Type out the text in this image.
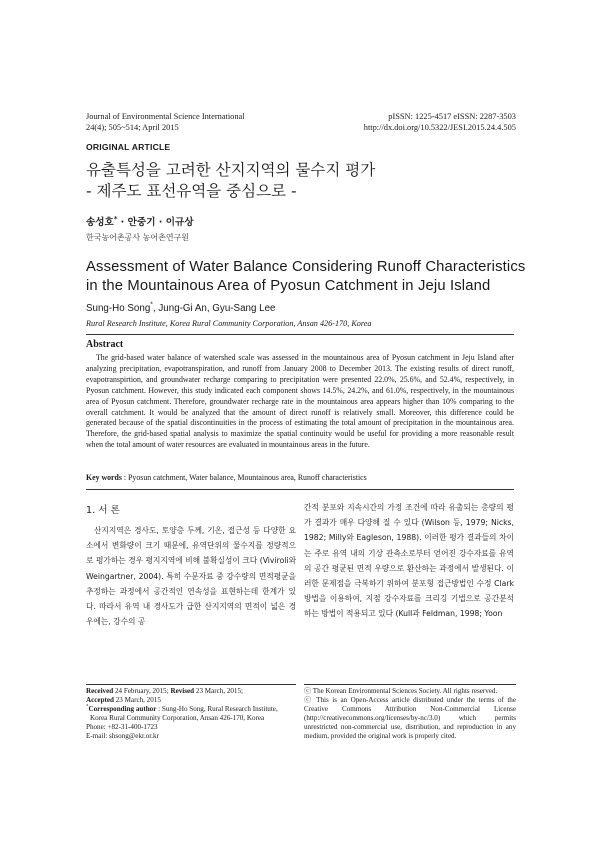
Journal of Environmental Science International
24(4); 505~514; April 2015
pISSN: 1225-4517 eISSN: 2287-3503
http://dx.doi.org/10.5322/JESI.2015.24.4.505
ORIGINAL ARTICLE
유출특성을 고려한 산지지역의 물수지 평가
- 제주도 표선유역을 중심으로 -
송성호* · 안중기 · 이규상
한국농어촌공사 농어촌연구원
Assessment of Water Balance Considering Runoff Characteristics
in the Mountainous Area of Pyosun Catchment in Jeju Island
Sung-Ho Song*, Jung-Gi An, Gyu-Sang Lee
Rural Research Institute, Korea Rural Community Corporation, Ansan 426-170, Korea
Abstract
The grid-based water balance of watershed scale was assessed in the mountainous area of Pyosun catchment in Jeju Island after analyzing precipitation, evapotranspiration, and runoff from January 2008 to December 2013. The existing results of direct runoff, evapotranspirtion, and groundwater recharge comparing to precipitation were presented 22.0%, 25.6%, and 52.4%, respectively, in Pyosun catchment. However, this study indicated each component shows 14.5%, 24.2%, and 61.0%, respectively, in the mountainous area of Pyosun catchment. Therefore, groundwater recharge rate in the mountainous area appears higher than 10% comparing to the overall catchment. It would be analyzed that the amount of direct runoff is relatively small. Moreover, this difference could be generated because of the spatial discontinuities in the process of estimating the total amount of precipitation in the mountainous area. Therefore, the grid-based spatial analysis to maximize the spatial continuity would be useful for providing a more reasonable result when the total amount of water resources are evaluated in mountainous areas in the future.
Key words : Pyosun catchment, Water balance, Mountainous area, Runoff characteristics
1. 서 론
산지지역은 경사도, 토양층 두께, 기온, 접근성 등 다양한 요소에서 변화량이 크기 때문에, 유역단위의 물수지를 정량적으로 평가하는 경우 평지지역에 비해 불확실성이 크다 (Viviroli와 Weingartner, 2004). 특히 수문자료 중 강수량의 면적평균을 추정하는 과정에서 공간적인 연속성을 표현하는데 한계가 있다. 따라서 유역 내 경사도가 급한 산지지역의 면적이 넓은 경우에는, 강수의 공
간적 분포와 지속시간의 가정 조건에 따라 유출되는 총량의 평가 결과가 매우 다양해 질 수 있다 (Wilson 등, 1979; Nicks, 1982; Milly와 Eagleson, 1988). 이러한 평가 결과들의 차이는 주로 유역 내의 기상 관측소로부터 얻어진 강수자료를 유역의 공간 평균된 면적 우량으로 환산하는 과정에서 발생된다. 이러한 문제점을 극복하기 위하여 분포형 접근방법인 수정 Clark 방법을 이용하여, 지점 강수자료를 크리깅 기법으로 공간분석 하는 방법이 적용되고 있다 (Kull과 Feldman, 1998; Yoon
Received 24 February, 2015; Revised 23 March, 2015;
Accepted 23 March, 2015
*Corresponding author : Sung-Ho Song, Rural Research Institute,
Korea Rural Community Corporation, Ansan 426-170, Korea
Phone: +82-31-400-1723
E-mail: shsong@ekr.or.kr
ⓒ The Korean Environmental Sciences Society. All rights reserved.
ⓒ This is an Open-Access article distributed under the terms of the Creative Commons Attribution Non-Commercial License (http://creativecommons.org/licenses/by-nc/3.0) which permits unrestricted non-commercial use, distribution, and reproduction in any medium, provided the original work is properly cited.
